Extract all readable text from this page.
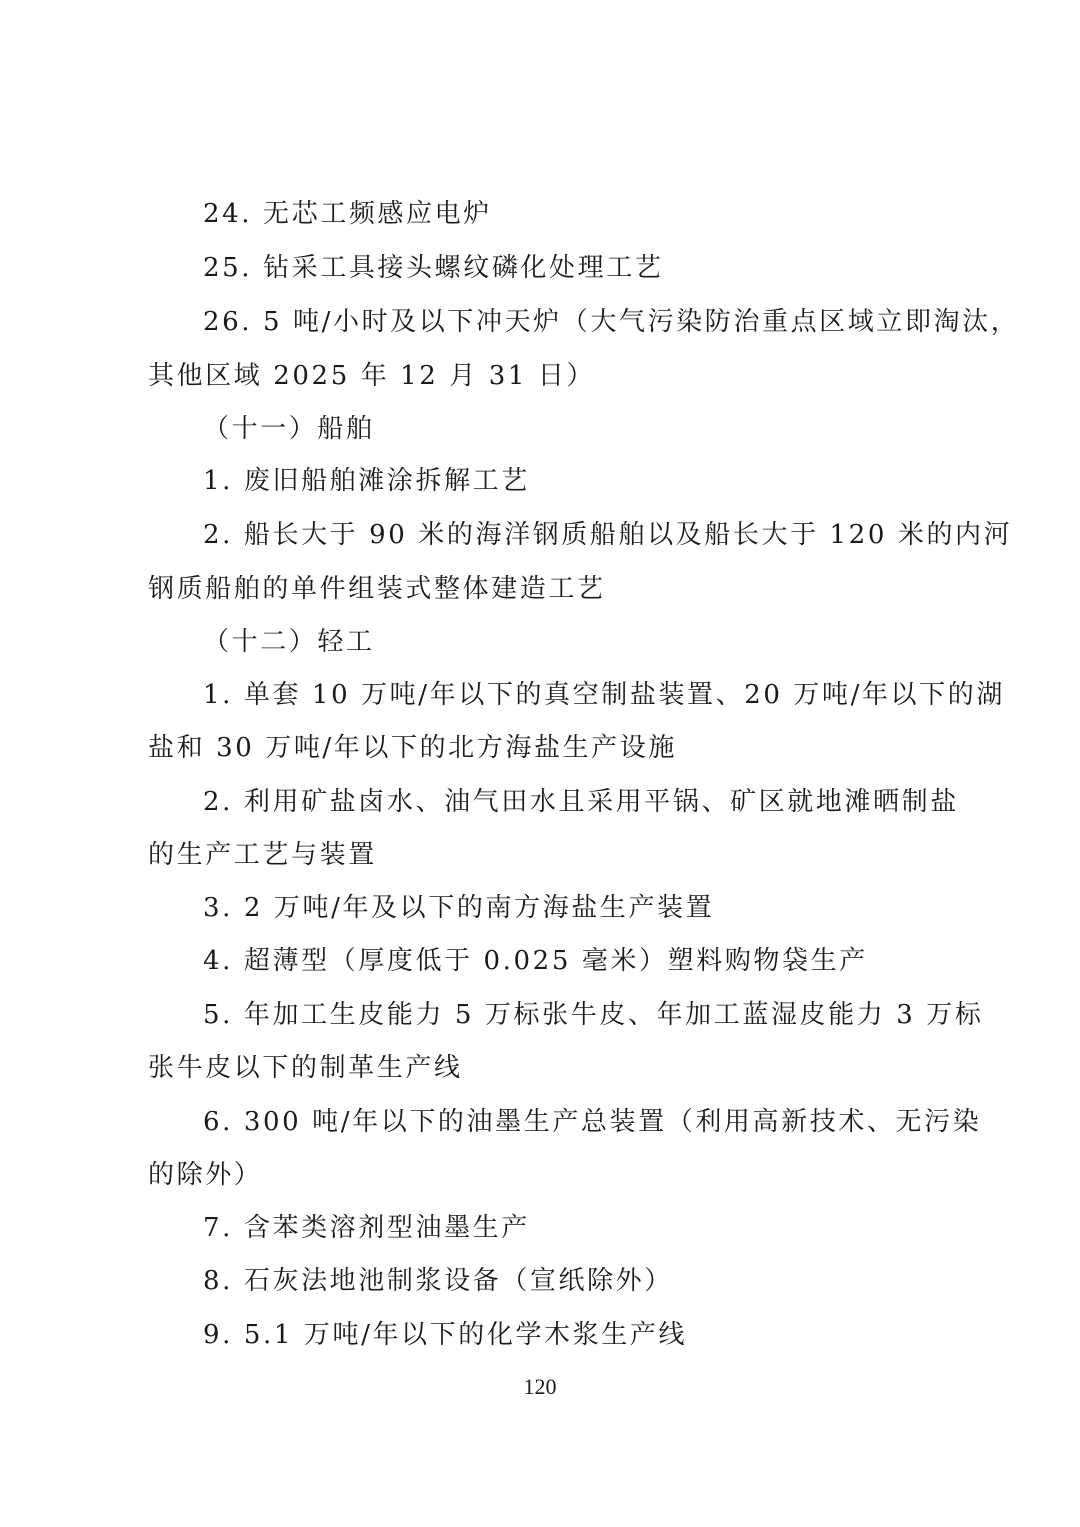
24. 无芯工频感应电炉
25. 钻采工具接头螺纹磷化处理工艺
26. 5 吨/小时及以下冲天炉（大气污染防治重点区域立即淘汰，
其他区域 2025 年 12 月 31 日）
（十一）船舶
1. 废旧船舶滩涂拆解工艺
2. 船长大于 90 米的海洋钢质船舶以及船长大于 120 米的内河
钢质船舶的单件组装式整体建造工艺
（十二）轻工
1. 单套 10 万吨/年以下的真空制盐装置、20 万吨/年以下的湖
盐和 30 万吨/年以下的北方海盐生产设施
2. 利用矿盐卤水、油气田水且采用平锅、矿区就地滩晒制盐
的生产工艺与装置
3. 2 万吨/年及以下的南方海盐生产装置
4. 超薄型（厚度低于 0.025 毫米）塑料购物袋生产
5. 年加工生皮能力 5 万标张牛皮、年加工蓝湿皮能力 3 万标
张牛皮以下的制革生产线
6. 300 吨/年以下的油墨生产总装置（利用高新技术、无污染
的除外）
7. 含苯类溶剂型油墨生产
8. 石灰法地池制浆设备（宣纸除外）
9. 5.1 万吨/年以下的化学木浆生产线
120
